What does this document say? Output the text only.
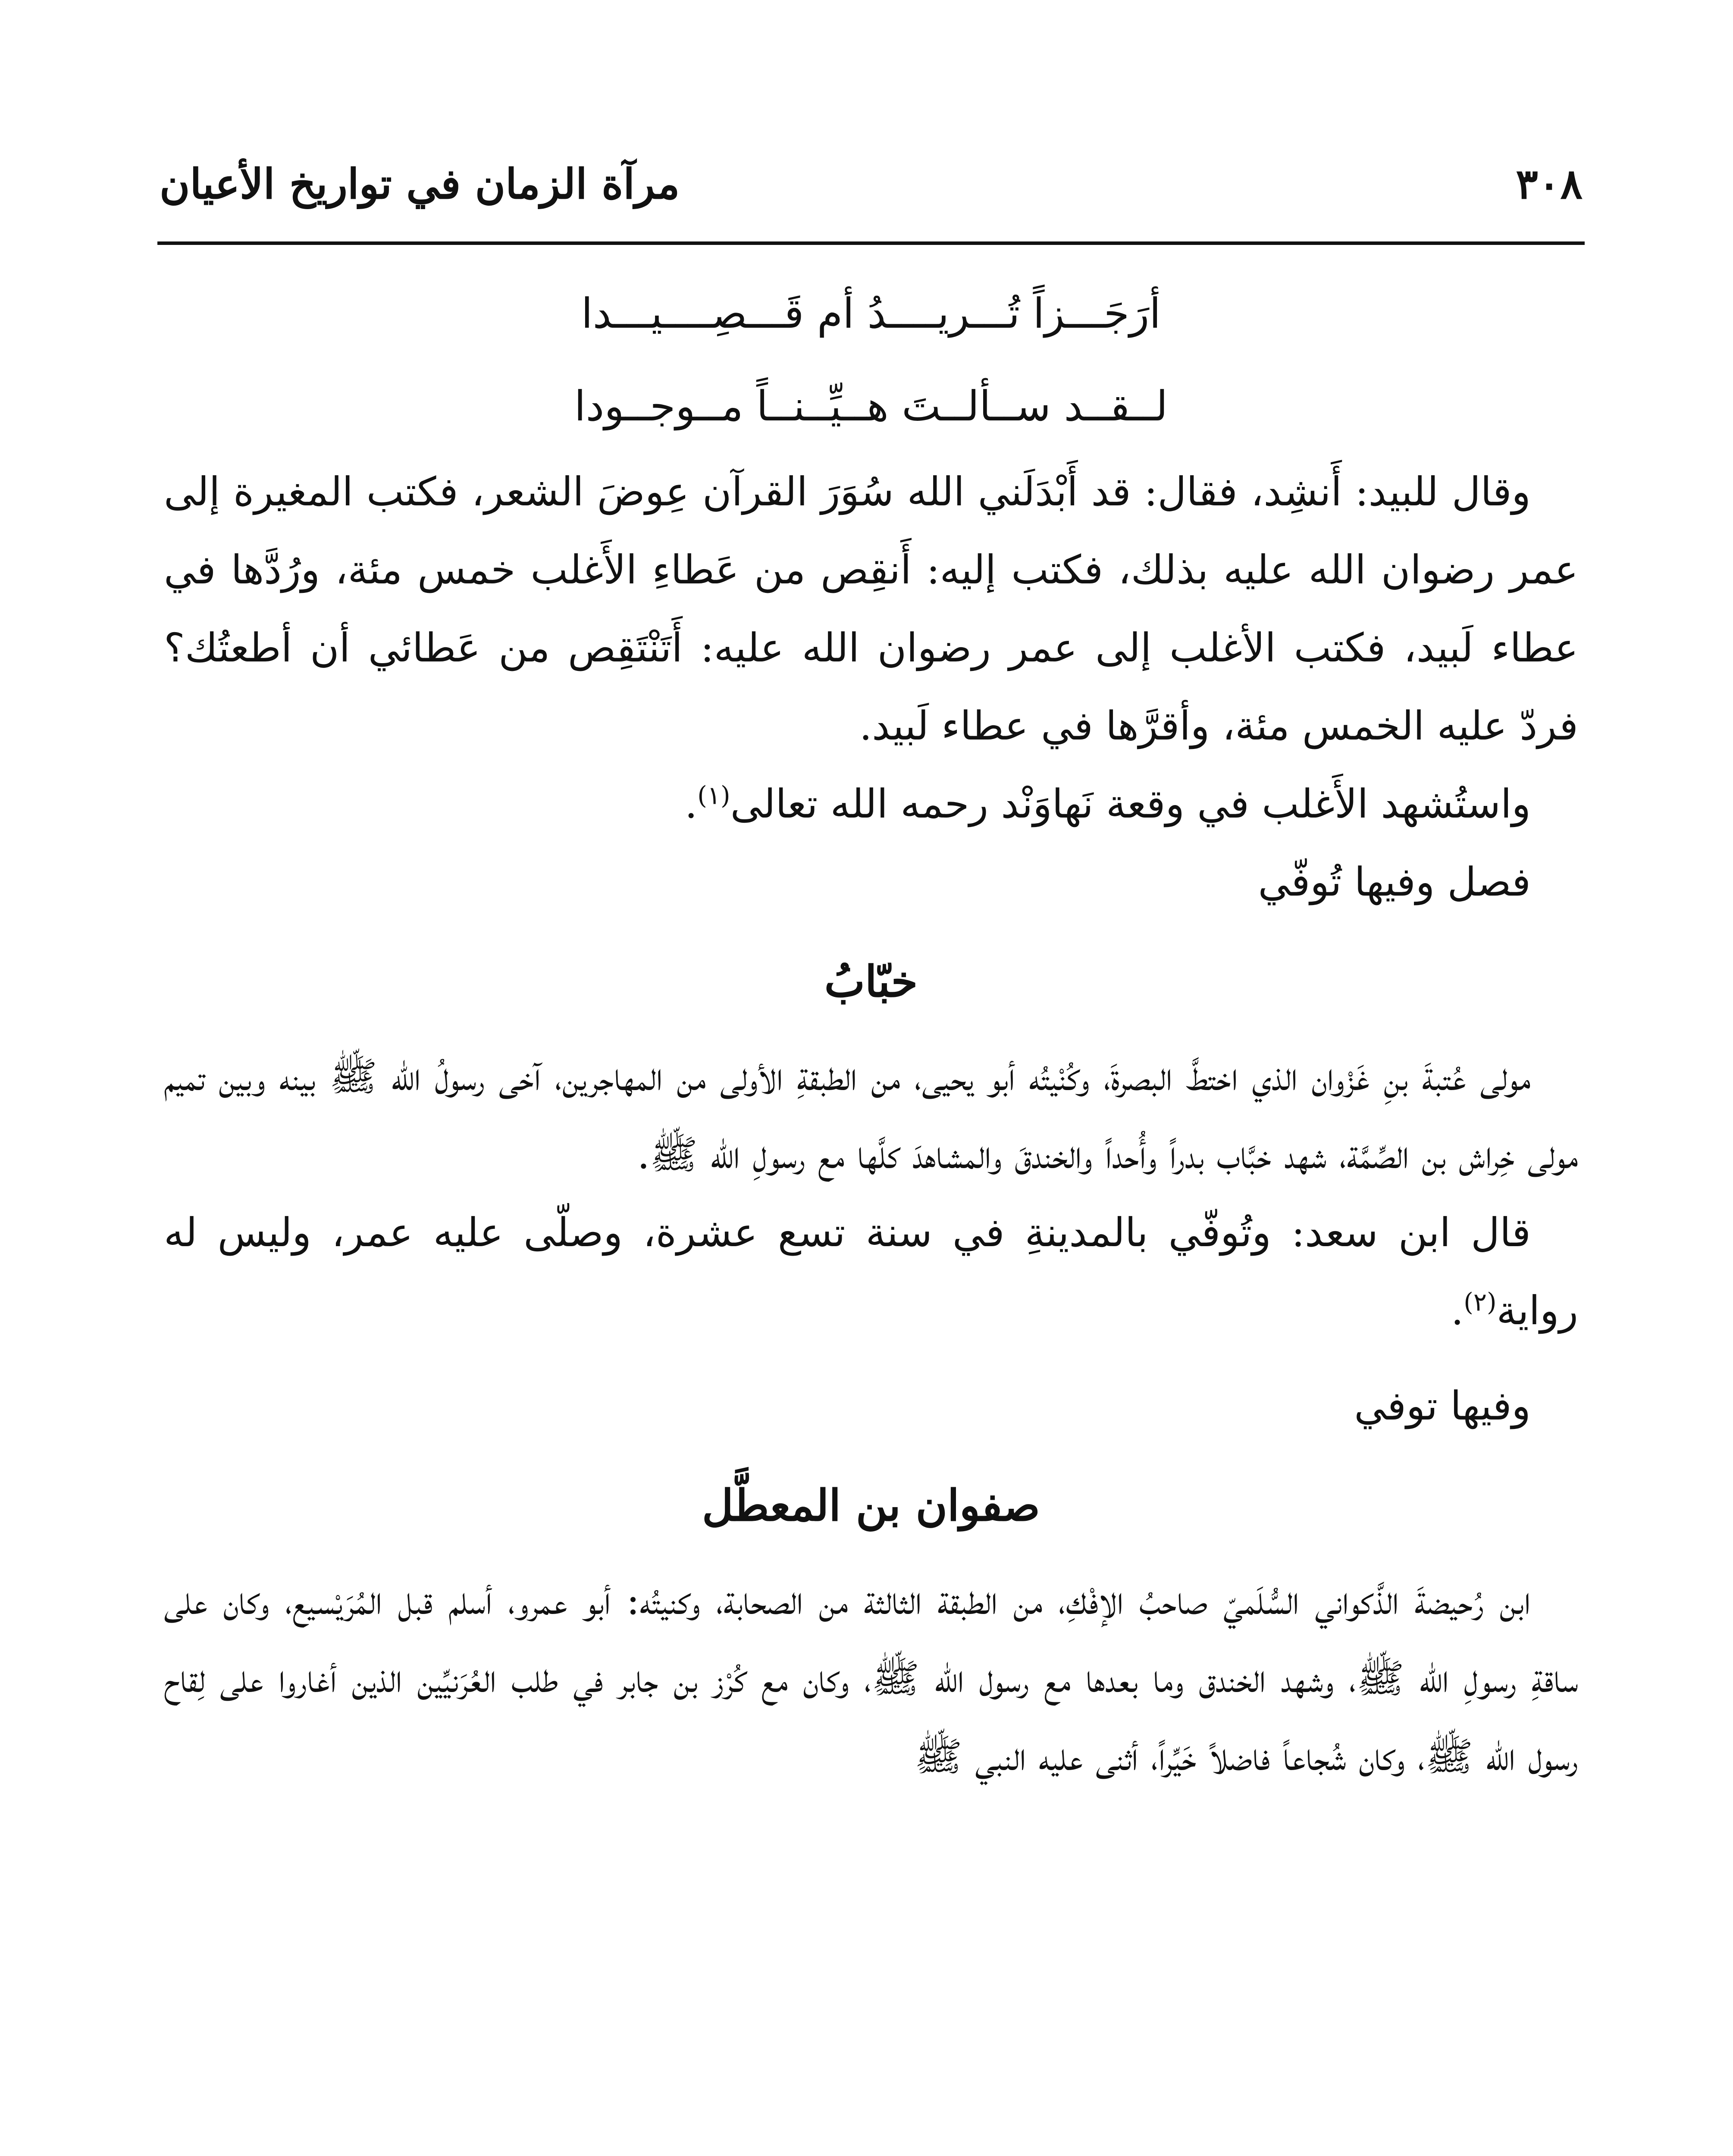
٣٠٨
مرآة الزمان في تواريخ الأعيان
أرَجَـــزاً تُـــريــــدُ أم قَـــصِــــيـــدا
لــقــد ســألــتَ هــيِّــنــاً مــوجــودا

وقال للبيد: أَنشِد، فقال: قد أَبْدَلَني الله سُوَرَ القرآن عِوضَ الشعر، فكتب المغيرة إلى عمر رضوان الله عليه بذلك، فكتب إليه: أَنقِص من عَطاءِ الأَغلب خمس مئة، ورُدَّها في عطاء لَبيد، فكتب الأغلب إلى عمر رضوان الله عليه: أَتَنْتَقِص من عَطائي أن أطعتُك؟ فردّ عليه الخمس مئة، وأقرَّها في عطاء لَبيد.

واستُشهد الأَغلب في وقعة نَهاوَنْد رحمه الله تعالى$^{(١)}$.

فصل وفيها تُوفّي

خبّابُ

مولى عُتبةَ بنِ غَزْوان الذي اختطَّ البصرةَ، وكُنْيتُه أبو يحيى، من الطبقةِ الأولى من المهاجرين، آخى رسولُ الله ﷺ بينه وبين تميم مولى خِراش بن الصِّمَّة، شهد خبَّاب بدراً وأُحداً والخندقَ والمشاهدَ كلَّها مع رسولِ الله ﷺ.

قال ابن سعد: وتُوفّي بالمدينةِ في سنة تسع عشرة، وصلّى عليه عمر، وليس له رواية$^{(٢)}$.

وفيها توفي

صفوان بن المعطَّل

ابن رُحيضةَ الذَّكواني السُّلَميّ صاحبُ الإفْكِ، من الطبقة الثالثة من الصحابة، وكنيتُه: أبو عمرو، أسلم قبل المُرَيْسيع، وكان على ساقةِ رسولِ الله ﷺ، وشهد الخندق وما بعدها مع رسول الله ﷺ، وكان مع كُرْز بن جابر في طلب العُرَنيِّين الذين أغاروا على لِقاح رسول الله ﷺ، وكان شُجاعاً فاضلاً خَيِّراً، أثنى عليه النبي ﷺ
